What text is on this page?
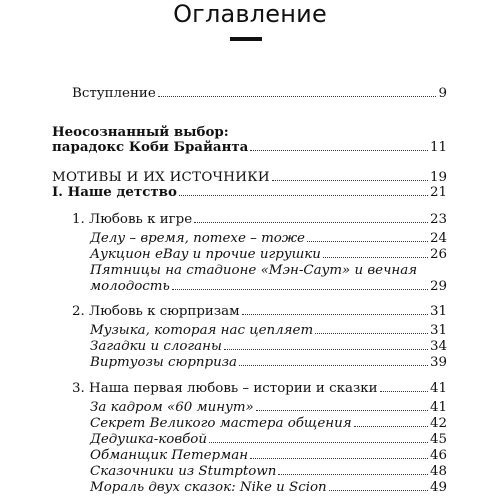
Оглавление
Вступление	9
Неосознанный выбор:
парадокс Коби Брайанта	11
МОТИВЫ И ИХ ИСТОЧНИКИ	19
I. Наше детство	21
1. Любовь к игре	23
Делу – время, потехе – тоже	24
Аукцион eBay и прочие игрушки	26
Пятницы на стадионе «Мэн-Саут» и вечная
молодость	29
2. Любовь к сюрпризам	31
Музыка, которая нас цепляет	31
Загадки и слоганы	34
Виртуозы сюрприза	39
3. Наша первая любовь – истории и сказки	41
За кадром «60 минут»	41
Секрет Великого мастера общения	42
Дедушка-ковбой	45
Обманщик Петерман	46
Сказочники из Stumptown	48
Мораль двух сказок: Nike и Scion	49
